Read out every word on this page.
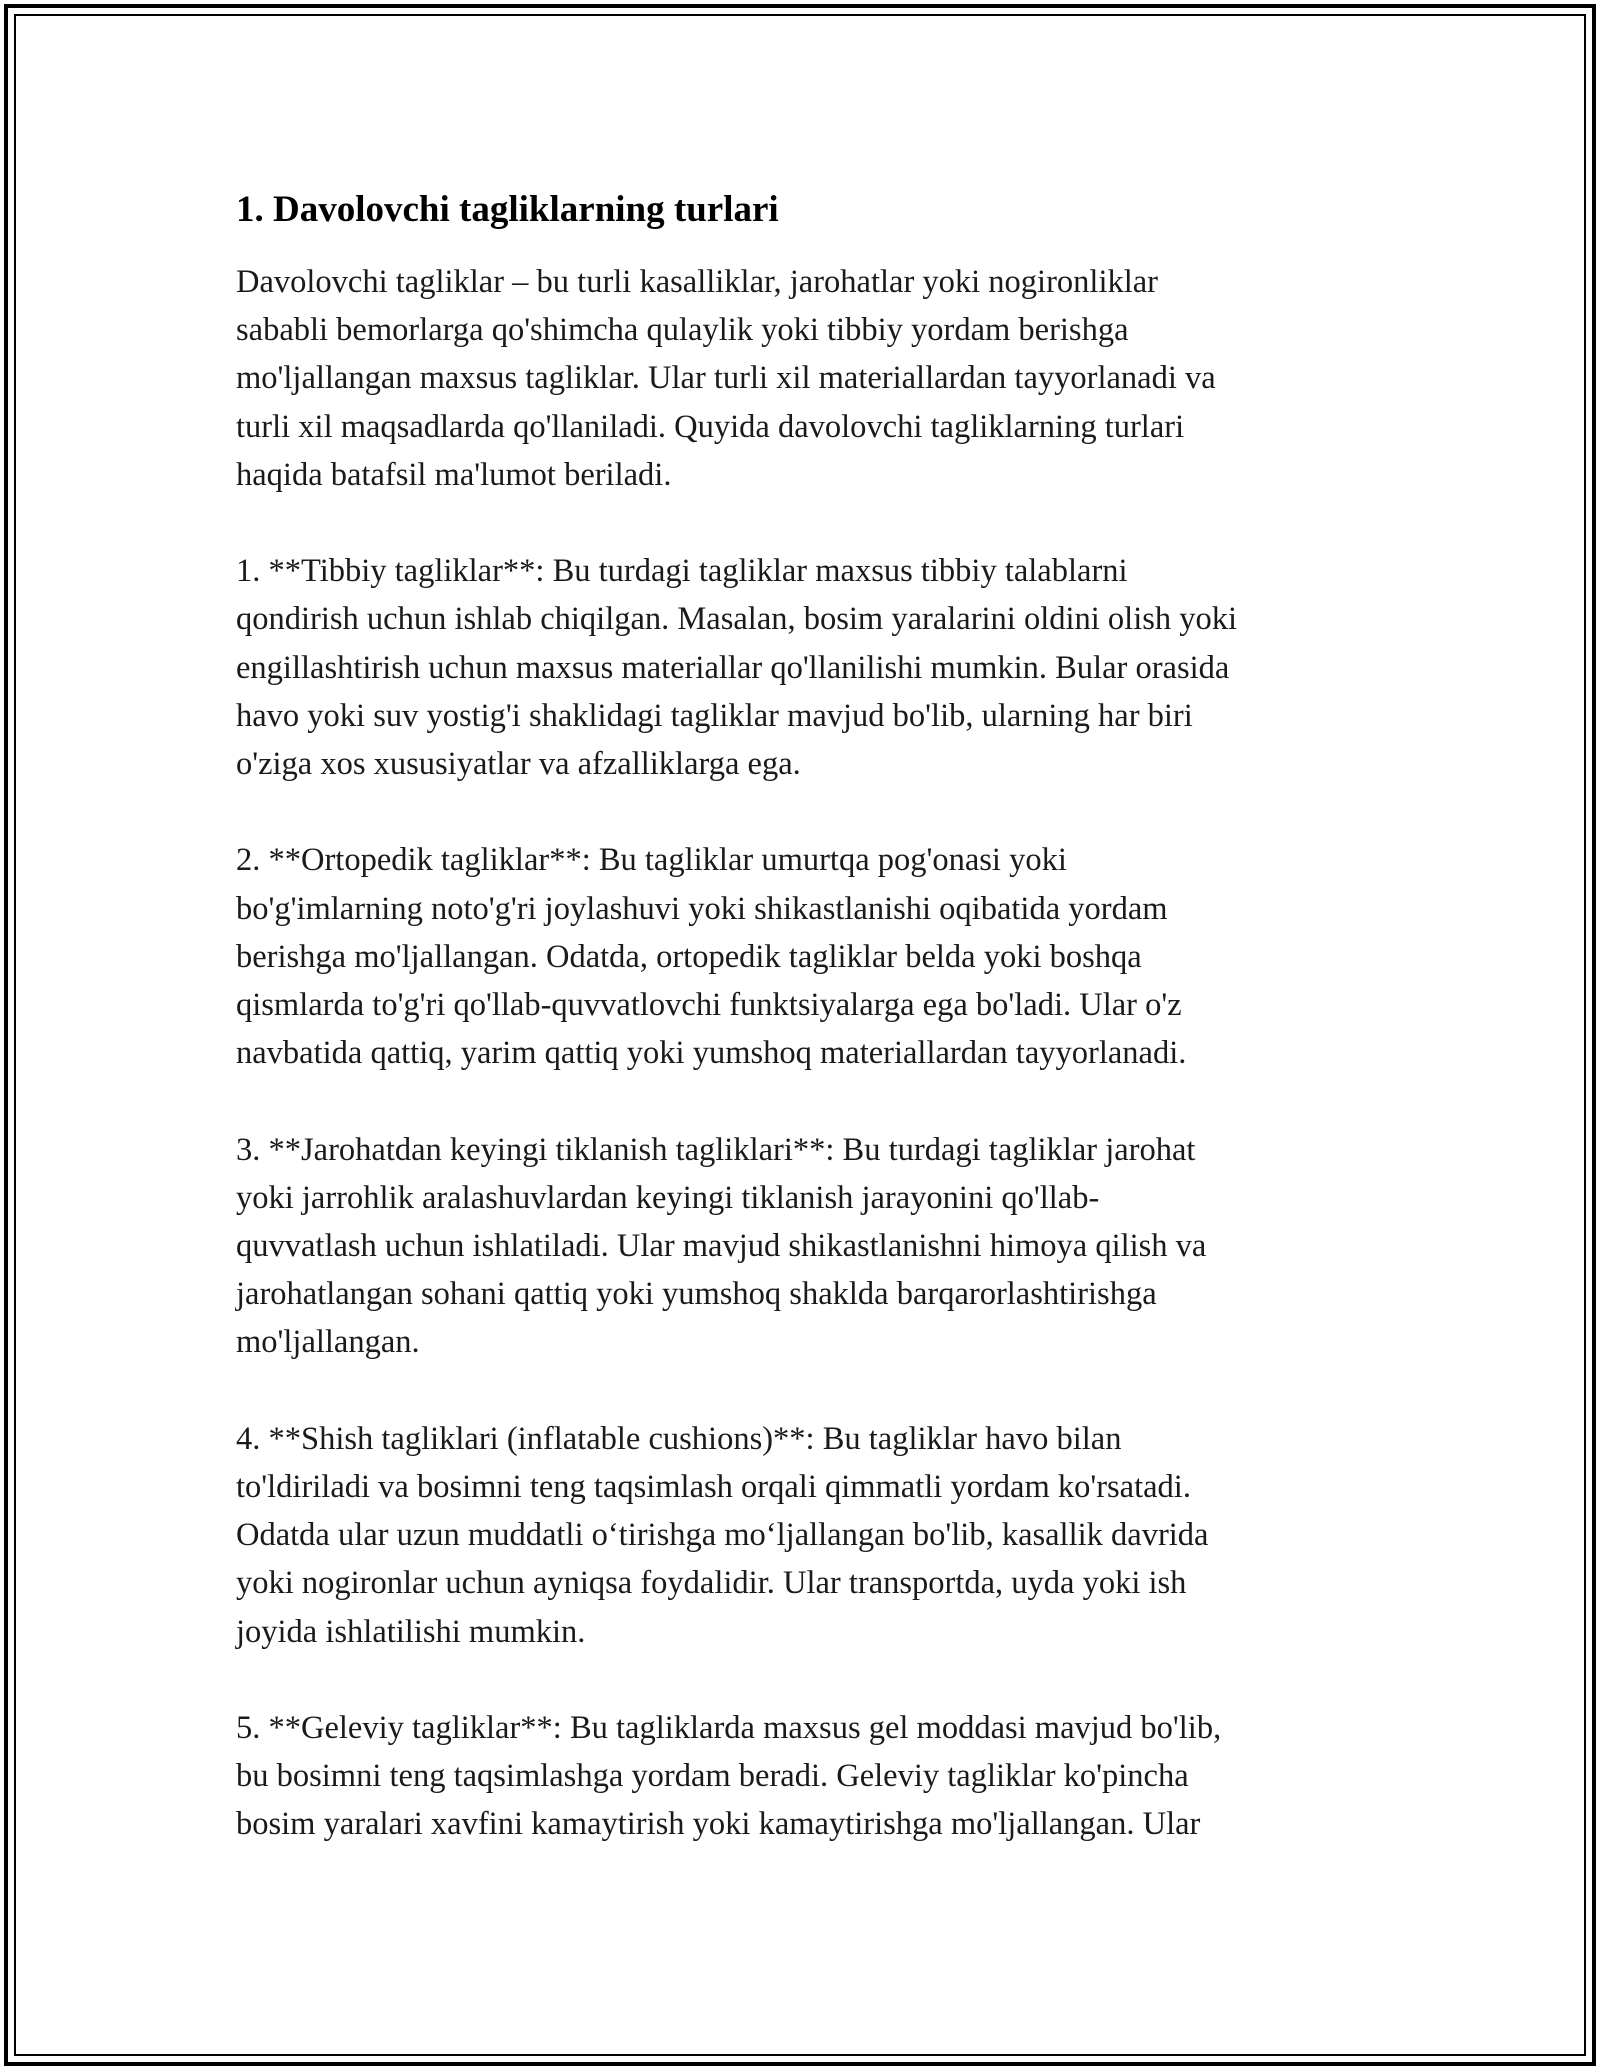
1. Davolovchi tagliklarning turlari
Davolovchi tagliklar – bu turli kasalliklar, jarohatlar yoki nogironliklar
sababli bemorlarga qo'shimcha qulaylik yoki tibbiy yordam berishga
mo'ljallangan maxsus tagliklar. Ular turli xil materiallardan tayyorlanadi va
turli xil maqsadlarda qo'llaniladi. Quyida davolovchi tagliklarning turlari
haqida batafsil ma'lumot beriladi.
1. **Tibbiy tagliklar**: Bu turdagi tagliklar maxsus tibbiy talablarni
qondirish uchun ishlab chiqilgan. Masalan, bosim yaralarini oldini olish yoki
engillashtirish uchun maxsus materiallar qo'llanilishi mumkin. Bular orasida
havo yoki suv yostig'i shaklidagi tagliklar mavjud bo'lib, ularning har biri
o'ziga xos xususiyatlar va afzalliklarga ega.
2. **Ortopedik tagliklar**: Bu tagliklar umurtqa pog'onasi yoki
bo'g'imlarning noto'g'ri joylashuvi yoki shikastlanishi oqibatida yordam
berishga mo'ljallangan. Odatda, ortopedik tagliklar belda yoki boshqa
qismlarda to'g'ri qo'llab-quvvatlovchi funktsiyalarga ega bo'ladi. Ular o'z
navbatida qattiq, yarim qattiq yoki yumshoq materiallardan tayyorlanadi.
3. **Jarohatdan keyingi tiklanish tagliklari**: Bu turdagi tagliklar jarohat
yoki jarrohlik aralashuvlardan keyingi tiklanish jarayonini qo'llab-
quvvatlash uchun ishlatiladi. Ular mavjud shikastlanishni himoya qilish va
jarohatlangan sohani qattiq yoki yumshoq shaklda barqarorlashtirishga
mo'ljallangan.
4. **Shish tagliklari (inflatable cushions)**: Bu tagliklar havo bilan
to'ldiriladi va bosimni teng taqsimlash orqali qimmatli yordam ko'rsatadi.
Odatda ular uzun muddatli o‘tirishga mo‘ljallangan bo'lib, kasallik davrida
yoki nogironlar uchun ayniqsa foydalidir. Ular transportda, uyda yoki ish
joyida ishlatilishi mumkin.
5. **Geleviy tagliklar**: Bu tagliklarda maxsus gel moddasi mavjud bo'lib,
bu bosimni teng taqsimlashga yordam beradi. Geleviy tagliklar ko'pincha
bosim yaralari xavfini kamaytirish yoki kamaytirishga mo'ljallangan. Ular
